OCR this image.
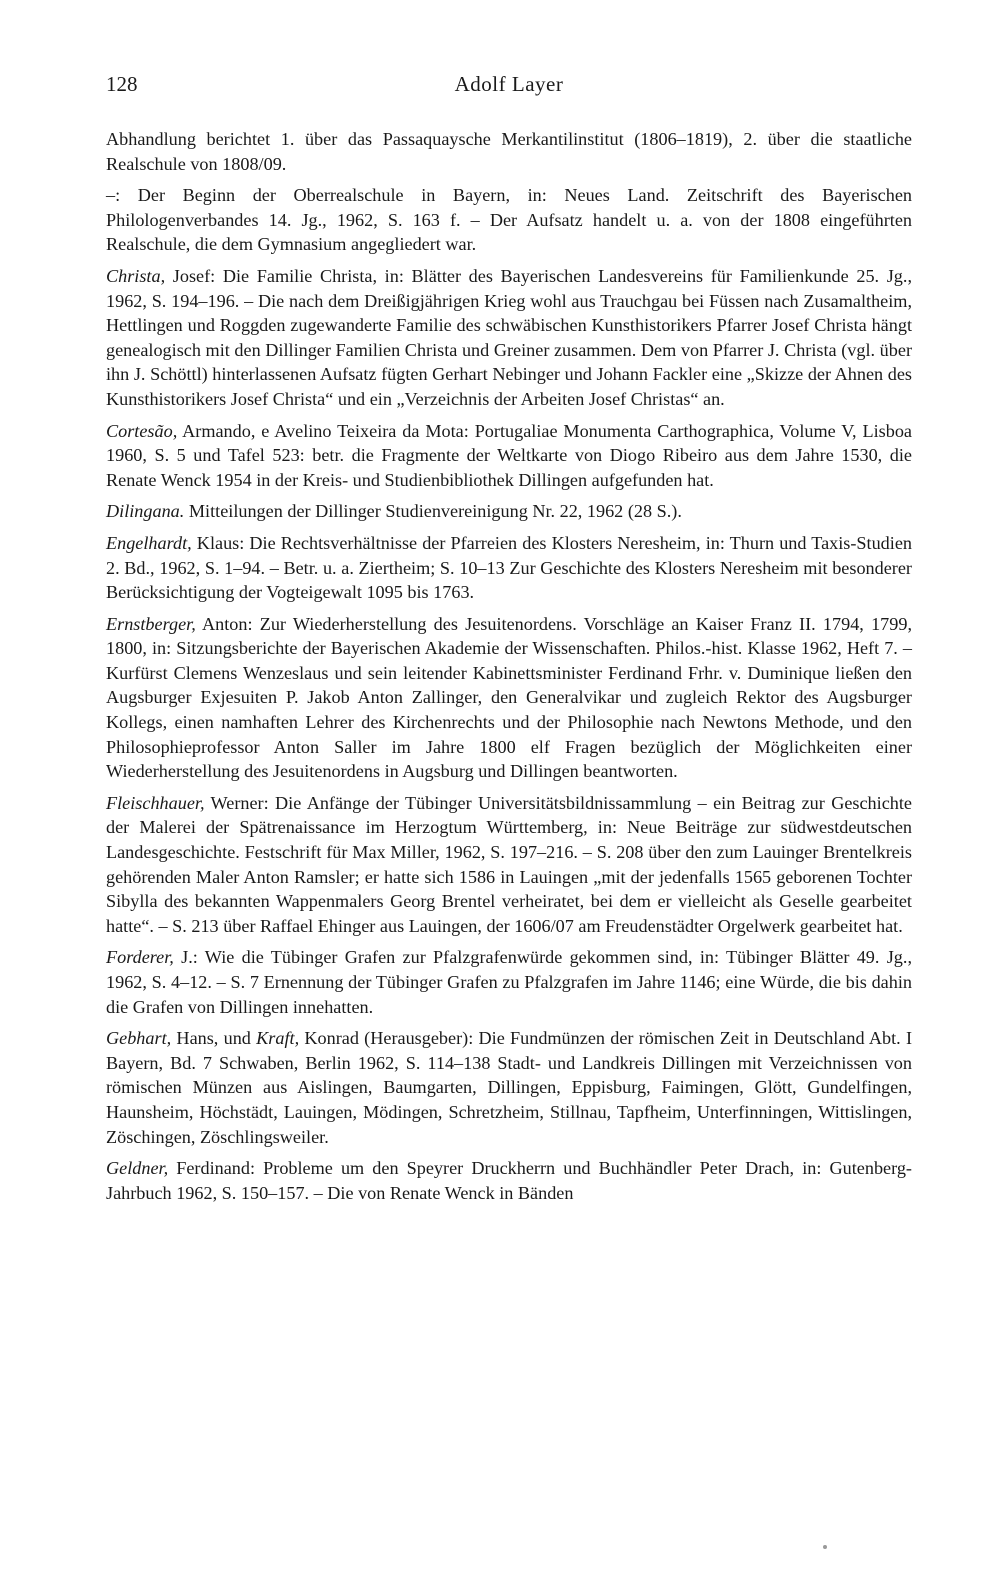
128	Adolf Layer

Abhandlung berichtet 1. über das Passaquaysche Merkantilinstitut (1806–1819), 2. über die staatliche Realschule von 1808/09.

–: Der Beginn der Oberrealschule in Bayern, in: Neues Land. Zeitschrift des Bayerischen Philologenverbandes 14. Jg., 1962, S. 163 f. – Der Aufsatz handelt u. a. von der 1808 eingeführten Realschule, die dem Gymnasium angegliedert war.

Christa, Josef: Die Familie Christa, in: Blätter des Bayerischen Landesvereins für Familienkunde 25. Jg., 1962, S. 194–196. – Die nach dem Dreißigjährigen Krieg wohl aus Trauchgau bei Füssen nach Zusamaltheim, Hettlingen und Roggden zugewanderte Familie des schwäbischen Kunsthistorikers Pfarrer Josef Christa hängt genealogisch mit den Dillinger Familien Christa und Greiner zusammen. Dem von Pfarrer J. Christa (vgl. über ihn J. Schöttl) hinterlassenen Aufsatz fügten Gerhart Nebinger und Johann Fackler eine „Skizze der Ahnen des Kunsthistorikers Josef Christa“ und ein „Verzeichnis der Arbeiten Josef Christas“ an.

Cortesão, Armando, e Avelino Teixeira da Mota: Portugaliae Monumenta Carthographica, Volume V, Lisboa 1960, S. 5 und Tafel 523: betr. die Fragmente der Weltkarte von Diogo Ribeiro aus dem Jahre 1530, die Renate Wenck 1954 in der Kreis- und Studienbibliothek Dillingen aufgefunden hat.

Dilingana. Mitteilungen der Dillinger Studienvereinigung Nr. 22, 1962 (28 S.).

Engelhardt, Klaus: Die Rechtsverhältnisse der Pfarreien des Klosters Neresheim, in: Thurn und Taxis-Studien 2. Bd., 1962, S. 1–94. – Betr. u. a. Ziertheim; S. 10–13 Zur Geschichte des Klosters Neresheim mit besonderer Berücksichtigung der Vogteigewalt 1095 bis 1763.

Ernstberger, Anton: Zur Wiederherstellung des Jesuitenordens. Vorschläge an Kaiser Franz II. 1794, 1799, 1800, in: Sitzungsberichte der Bayerischen Akademie der Wissenschaften. Philos.-hist. Klasse 1962, Heft 7. – Kurfürst Clemens Wenzeslaus und sein leitender Kabinettsminister Ferdinand Frhr. v. Duminique ließen den Augsburger Exjesuiten P. Jakob Anton Zallinger, den Generalvikar und zugleich Rektor des Augsburger Kollegs, einen namhaften Lehrer des Kirchenrechts und der Philosophie nach Newtons Methode, und den Philosophieprofessor Anton Saller im Jahre 1800 elf Fragen bezüglich der Möglichkeiten einer Wiederherstellung des Jesuitenordens in Augsburg und Dillingen beantworten.

Fleischhauer, Werner: Die Anfänge der Tübinger Universitätsbildnissammlung – ein Beitrag zur Geschichte der Malerei der Spätrenaissance im Herzogtum Württemberg, in: Neue Beiträge zur südwestdeutschen Landesgeschichte. Festschrift für Max Miller, 1962, S. 197–216. – S. 208 über den zum Lauinger Brentelkreis gehörenden Maler Anton Ramsler; er hatte sich 1586 in Lauingen „mit der jedenfalls 1565 geborenen Tochter Sibylla des bekannten Wappenmalers Georg Brentel verheiratet, bei dem er vielleicht als Geselle gearbeitet hatte“. – S. 213 über Raffael Ehinger aus Lauingen, der 1606/07 am Freudenstädter Orgelwerk gearbeitet hat.

Forderer, J.: Wie die Tübinger Grafen zur Pfalzgrafenwürde gekommen sind, in: Tübinger Blätter 49. Jg., 1962, S. 4–12. – S. 7 Ernennung der Tübinger Grafen zu Pfalzgrafen im Jahre 1146; eine Würde, die bis dahin die Grafen von Dillingen innehatten.

Gebhart, Hans, und Kraft, Konrad (Herausgeber): Die Fundmünzen der römischen Zeit in Deutschland Abt. I Bayern, Bd. 7 Schwaben, Berlin 1962, S. 114–138 Stadt- und Landkreis Dillingen mit Verzeichnissen von römischen Münzen aus Aislingen, Baumgarten, Dillingen, Eppisburg, Faimingen, Glött, Gundelfingen, Haunsheim, Höchstädt, Lauingen, Mödingen, Schretzheim, Stillnau, Tapfheim, Unterfinningen, Wittislingen, Zöschingen, Zöschlingsweiler.

Geldner, Ferdinand: Probleme um den Speyrer Druckherrn und Buchhändler Peter Drach, in: Gutenberg-Jahrbuch 1962, S. 150–157. – Die von Renate Wenck in Bänden
